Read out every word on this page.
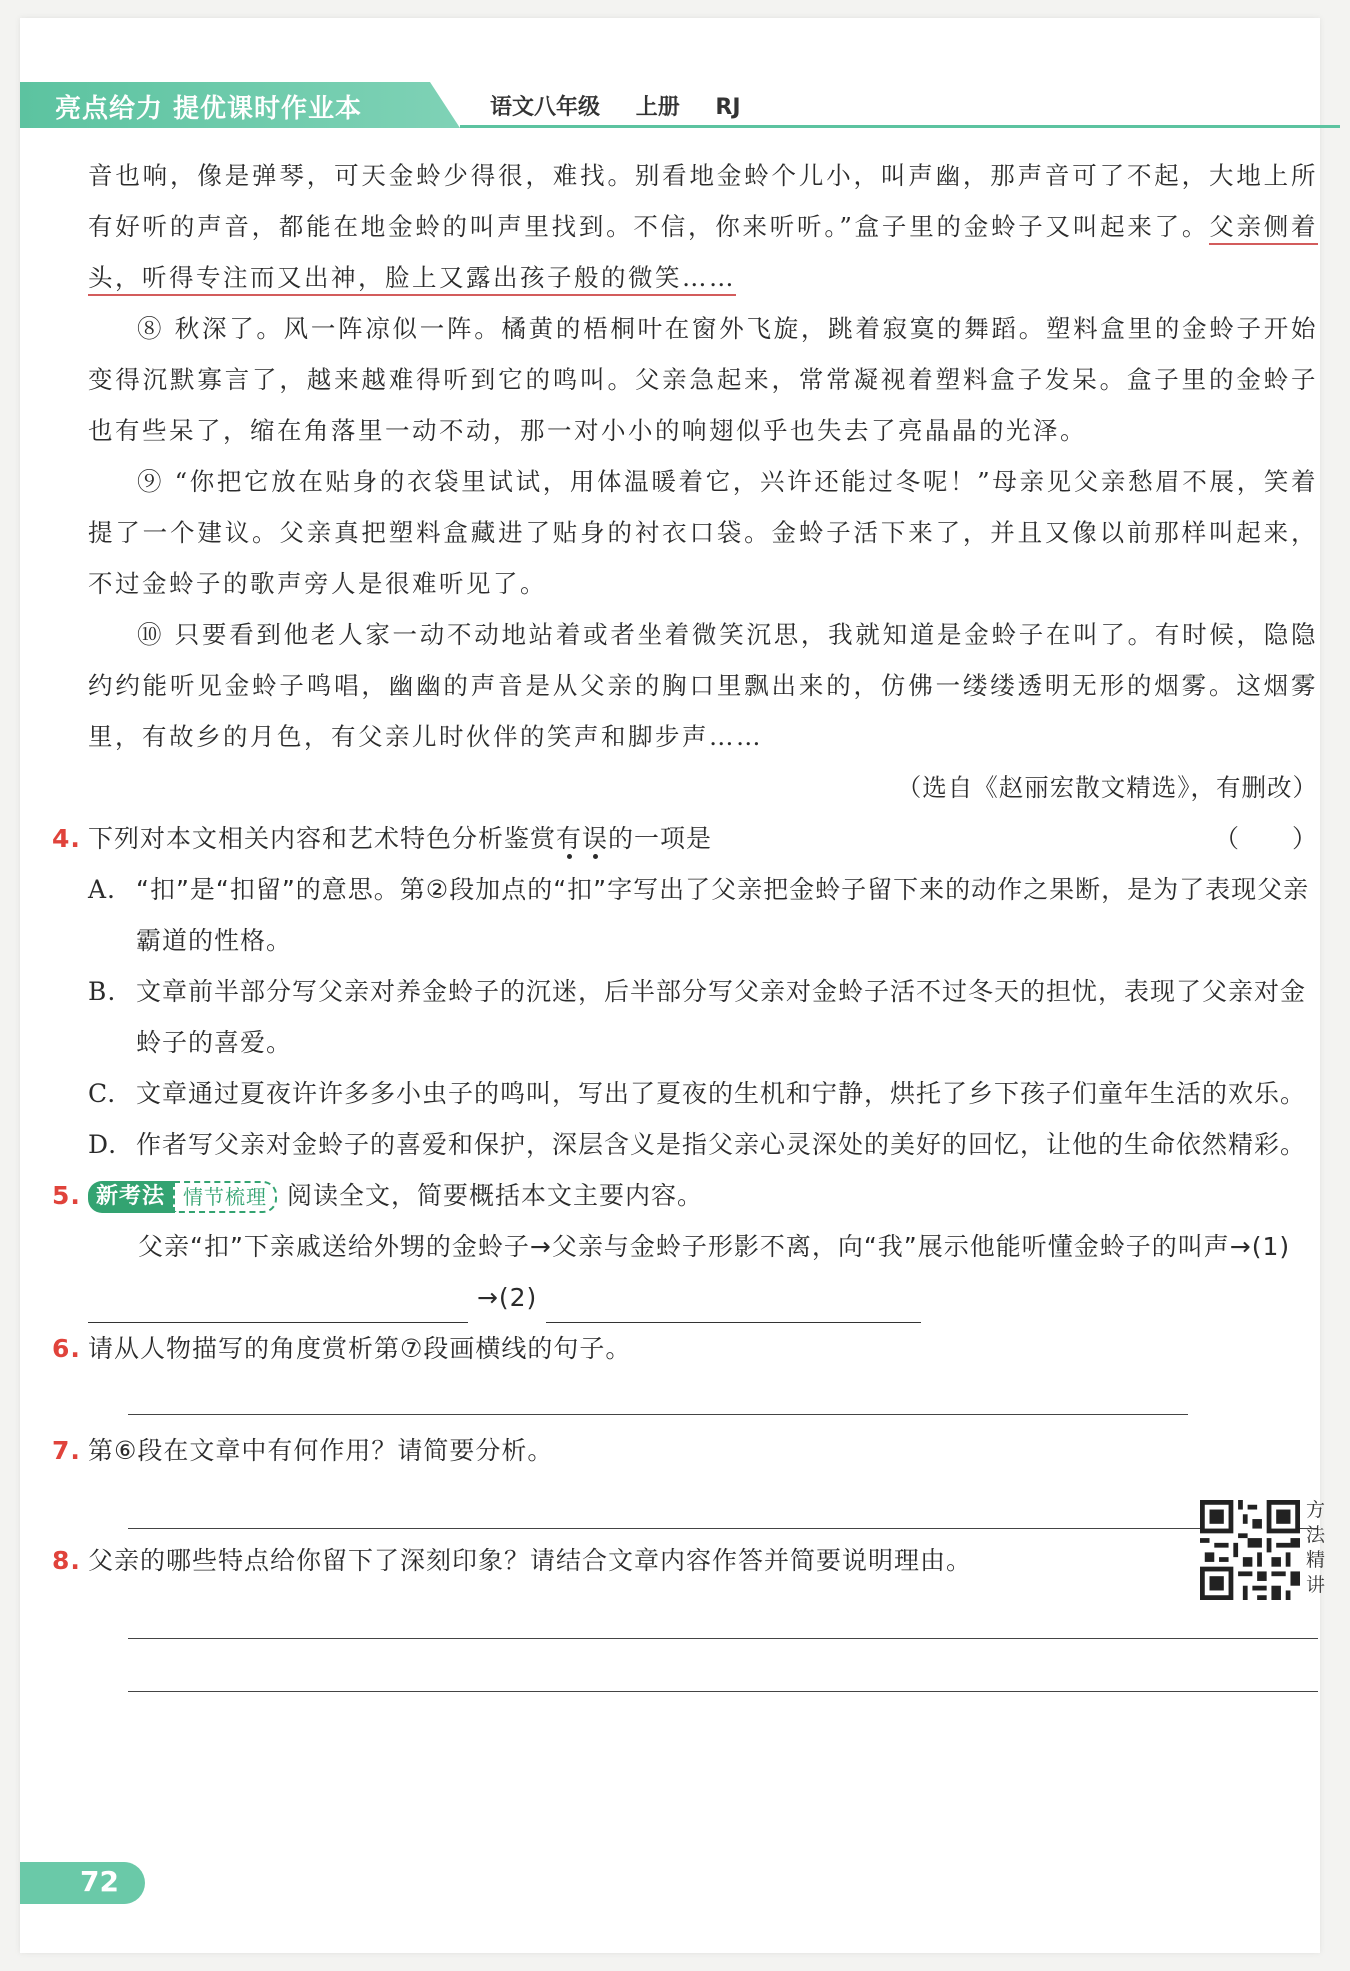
亮点给力 提优课时作业本	语文八年级 上册 RJ

音也响，像是弹琴，可天金蛉少得很，难找。别看地金蛉个儿小，叫声幽，那声音可了不起，大地上所有好听的声音，都能在地金蛉的叫声里找到。不信，你来听听。”盒子里的金蛉子又叫起来了。父亲侧着头，听得专注而又出神，脸上又露出孩子般的微笑……

⑧ 秋深了。风一阵凉似一阵。橘黄的梧桐叶在窗外飞旋，跳着寂寞的舞蹈。塑料盒里的金蛉子开始变得沉默寡言了，越来越难得听到它的鸣叫。父亲急起来，常常凝视着塑料盒子发呆。盒子里的金蛉子也有些呆了，缩在角落里一动不动，那一对小小的响翅似乎也失去了亮晶晶的光泽。

⑨ “你把它放在贴身的衣袋里试试，用体温暖着它，兴许还能过冬呢！”母亲见父亲愁眉不展，笑着提了一个建议。父亲真把塑料盒藏进了贴身的衬衣口袋。金蛉子活下来了，并且又像以前那样叫起来，不过金蛉子的歌声旁人是很难听见了。

⑩ 只要看到他老人家一动不动地站着或者坐着微笑沉思，我就知道是金蛉子在叫了。有时候，隐隐约约能听见金蛉子鸣唱，幽幽的声音是从父亲的胸口里飘出来的，仿佛一缕缕透明无形的烟雾。这烟雾里，有故乡的月色，有父亲儿时伙伴的笑声和脚步声……

（选自《赵丽宏散文精选》，有删改）

4. 下列对本文相关内容和艺术特色分析鉴赏有误的一项是	（　　）
A. “扣”是“扣留”的意思。第②段加点的“扣”字写出了父亲把金蛉子留下来的动作之果断，是为了表现父亲霸道的性格。
B. 文章前半部分写父亲对养金蛉子的沉迷，后半部分写父亲对金蛉子活不过冬天的担忧，表现了父亲对金蛉子的喜爱。
C. 文章通过夏夜许许多多小虫子的鸣叫，写出了夏夜的生机和宁静，烘托了乡下孩子们童年生活的欢乐。
D. 作者写父亲对金蛉子的喜爱和保护，深层含义是指父亲心灵深处的美好的回忆，让他的生命依然精彩。
5. 新考法 情节梳理 阅读全文，简要概括本文主要内容。
父亲“扣”下亲戚送给外甥的金蛉子→父亲与金蛉子形影不离，向“我”展示他能听懂金蛉子的叫声→(1)  →(2)
6. 请从人物描写的角度赏析第⑦段画横线的句子。
7. 第⑥段在文章中有何作用？请简要分析。
8. 父亲的哪些特点给你留下了深刻印象？请结合文章内容作答并简要说明理由。
方法精讲
72
